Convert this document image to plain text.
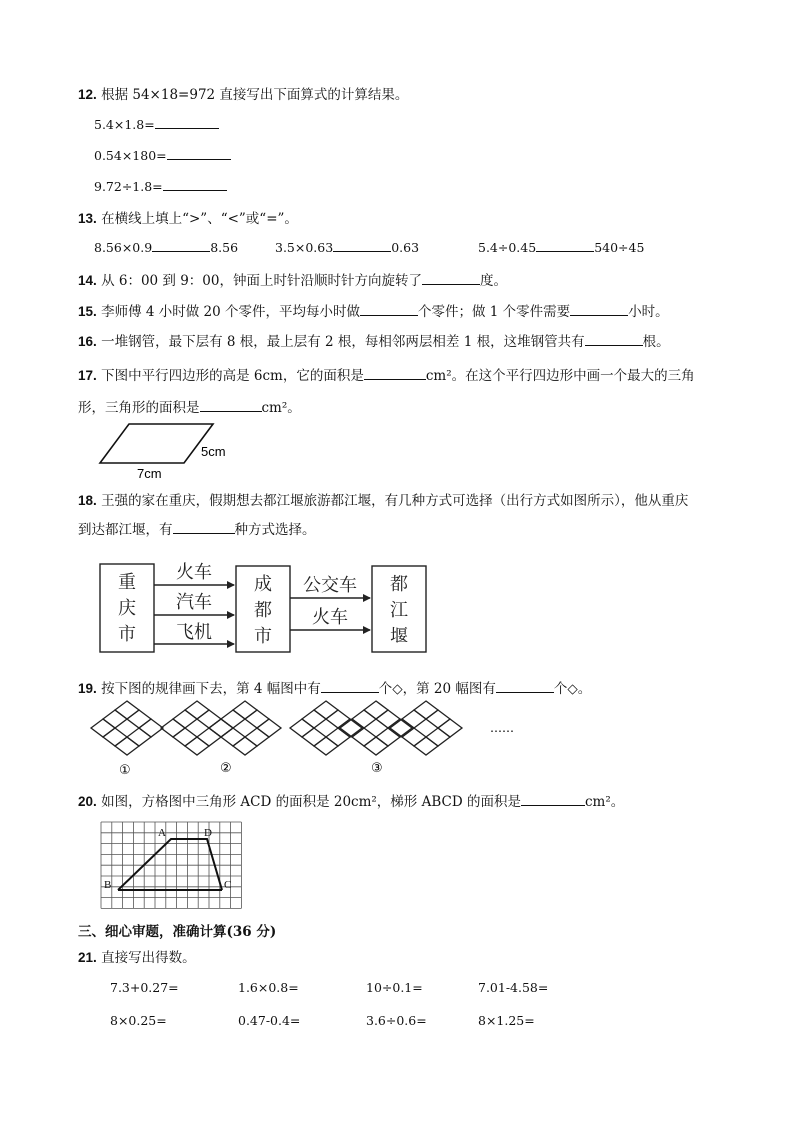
12. 根据 54×18=972 直接写出下面算式的计算结果。
5.4×1.8=
0.54×180=
9.72÷1.8=
13. 在横线上填上“>”、“<”或“=”。
8.56×0.9	8.56	3.5×0.63	0.63	5.4÷0.45	540÷45
14. 从 6：00 到 9：00，钟面上时针沿顺时针方向旋转了	度。
15. 李师傅 4 小时做 20 个零件，平均每小时做	个零件；做 1 个零件需要	小时。
16. 一堆钢管，最下层有 8 根，最上层有 2 根，每相邻两层相差 1 根，这堆钢管共有	根。
17. 下图中平行四边形的高是 6cm，它的面积是	cm²。在这个平行四边形中画一个最大的三角
形，三角形的面积是	cm²。
5cm
7cm
18. 王强的家在重庆，假期想去都江堰旅游都江堰，有几种方式可选择（出行方式如图所示），他从重庆
到达都江堰，有	种方式选择。
重
庆
市
成
都
市
都
江
堰
火车
汽车
飞机
公交车
火车
19. 按下图的规律画下去，第 4 幅图中有	个◇，第 20 幅图有	个◇。
①	②	③
……
20. 如图，方格图中三角形 ACD 的面积是 20cm²，梯形 ABCD 的面积是	cm²。
A	D
B	C
三、细心审题，准确计算(36 分)
21. 直接写出得数。
7.3+0.27=	1.6×0.8=	10÷0.1=	7.01-4.58=
8×0.25=	0.47-0.4=	3.6÷0.6=	8×1.25=
